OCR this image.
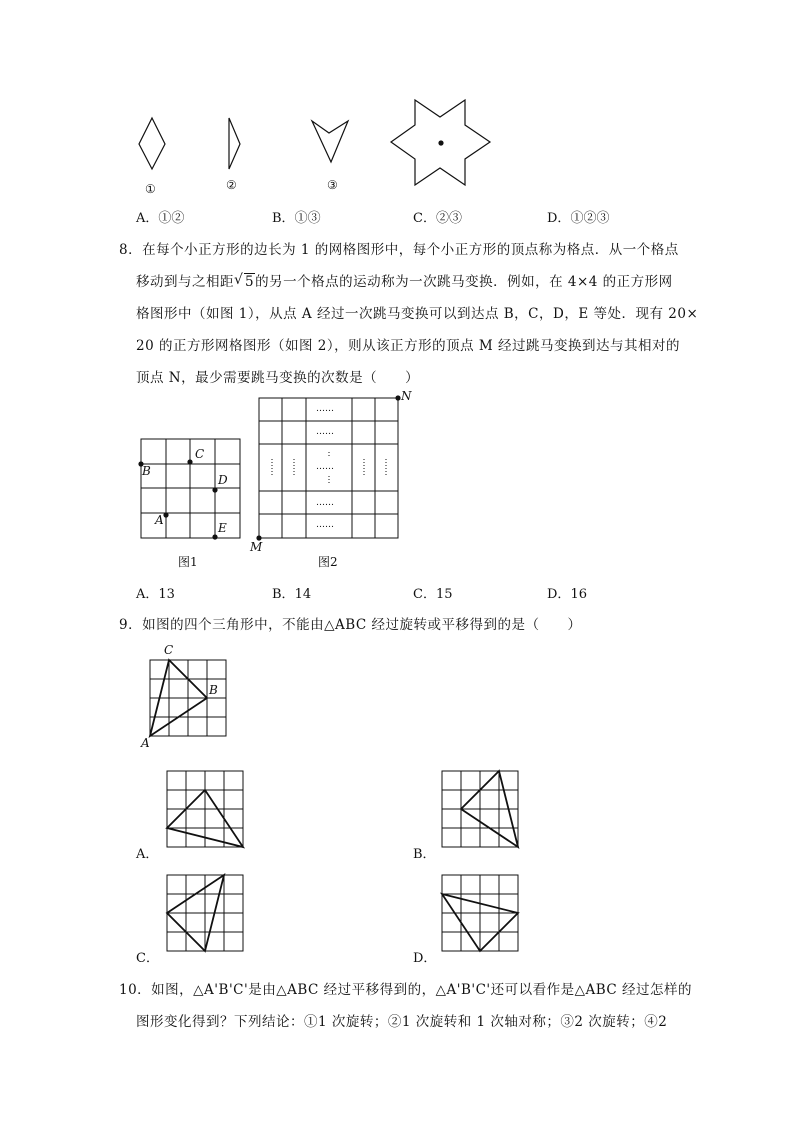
①	②	③
A．①②	B．①③	C．②③	D．①②③
8．在每个小正方形的边长为 1 的网格图形中，每个小正方形的顶点称为格点．从一个格点
移动到与之相距 √ 5的另一个格点的运动称为一次跳马变换．例如，在 4×4 的正方形网
格图形中（如图 1），从点 A 经过一次跳马变换可以到达点 B，C，D，E 等处．现有 20×
20 的正方形网格图形（如图 2），则从该正方形的顶点 M 经过跳马变换到达与其相对的
顶点 N，最少需要跳马变换的次数是（　　）
A
B
C
D
E
图1
……
……
……
……
……
M
N
图2
A．13	B．14	C．15	D．16
9．如图的四个三角形中，不能由△ABC 经过旋转或平移得到的是（　　）
A
B
C
A．	B．
C．	D．
10．如图，△A'B'C'是由△ABC 经过平移得到的，△A'B'C'还可以看作是△ABC 经过怎样的
图形变化得到？下列结论：①1 次旋转；②1 次旋转和 1 次轴对称；③2 次旋转；④2
